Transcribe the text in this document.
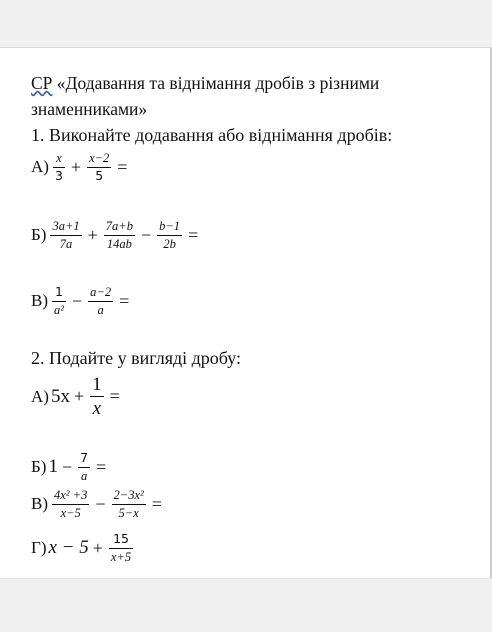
СР «Додавання та віднімання дробів з різними
знаменниками»
1. Виконайте додавання або віднімання дробів:
$А) \frac{x}{3} + \frac{x-2}{5}$ =
$Б) \frac{3a+1}{7a} + \frac{7a+b}{14ab} - \frac{b-1}{2b}$ =
$В) \frac{1}{\text{a²}} - \frac{a-2}{a}$ =
2. Подайте у вигляді дробу:
А) $5x + \frac{1}{x}$ =
Б) $1 - \frac{7}{a}$ =
$В) \frac{\text{4x² +3}}{x-5} - \frac{\text{2−3x²}}{5-x}$ =
Г) $x - 5 + \frac{15}{x+5}$
